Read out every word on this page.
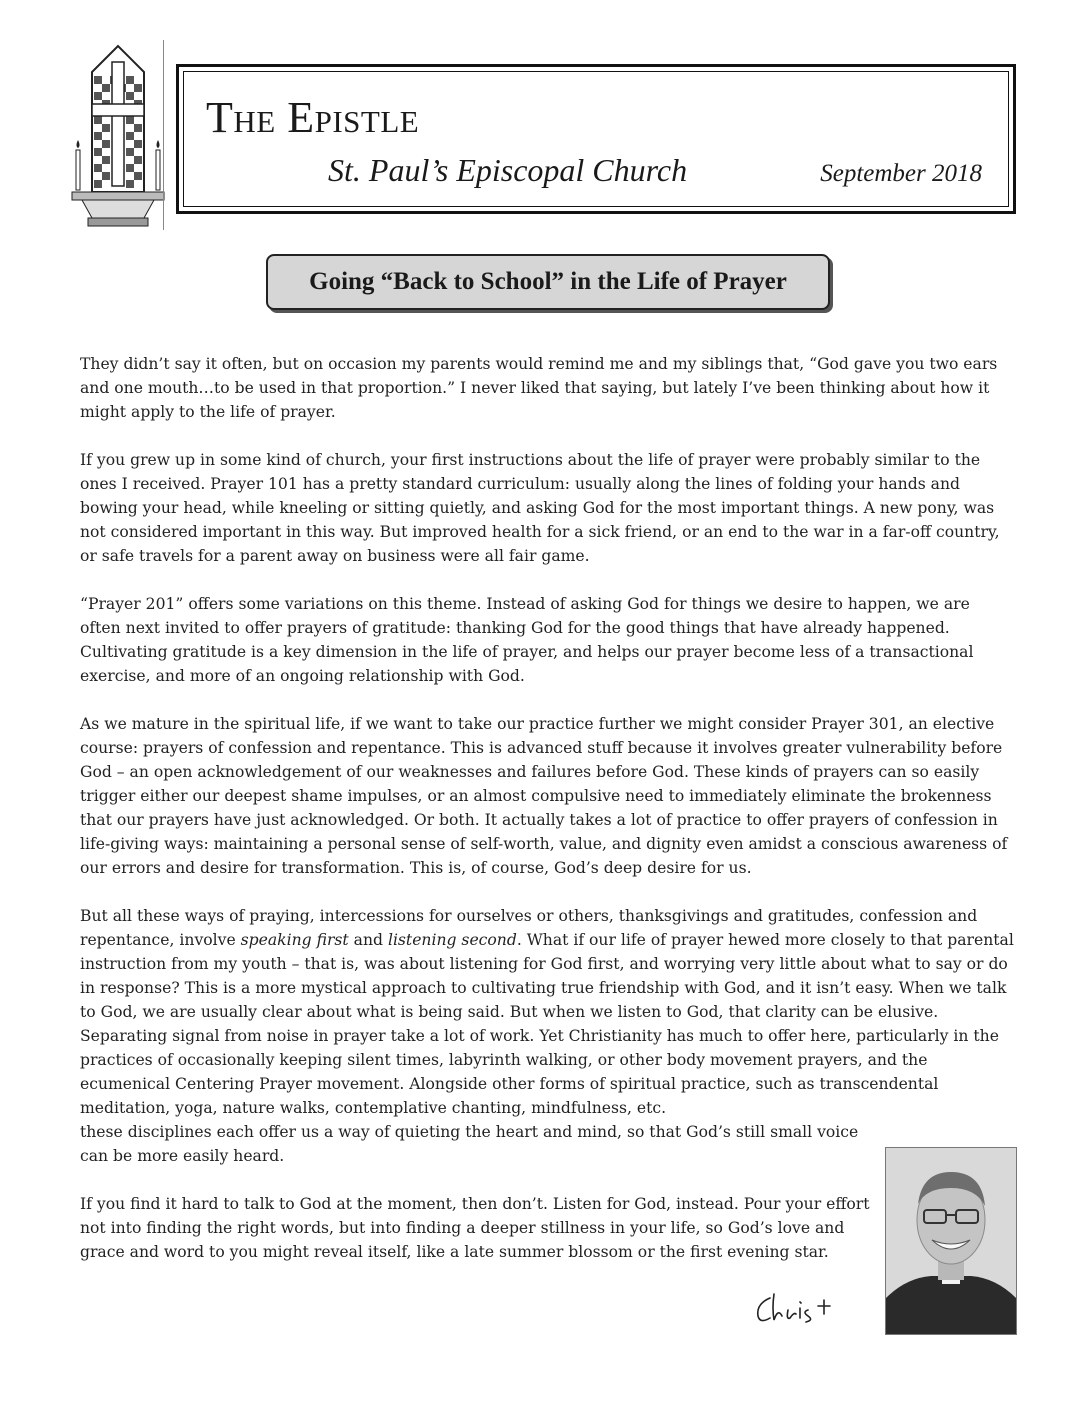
The Epistle
St. Paul’s Episcopal Church	September 2018
Going “Back to School” in the Life of Prayer

They didn’t say it often, but on occasion my parents would remind me and my siblings that, “God gave you two ears and one mouth…to be used in that proportion.” I never liked that saying, but lately I’ve been thinking about how it might apply to the life of prayer.

If you grew up in some kind of church, your first instructions about the life of prayer were probably similar to the ones I received. Prayer 101 has a pretty standard curriculum: usually along the lines of folding your hands and bowing your head, while kneeling or sitting quietly, and asking God for the most important things. A new pony, was not considered important in this way. But improved health for a sick friend, or an end to the war in a far-off country, or safe travels for a parent away on business were all fair game.

“Prayer 201” offers some variations on this theme. Instead of asking God for things we desire to happen, we are often next invited to offer prayers of gratitude: thanking God for the good things that have already happened. Cultivating gratitude is a key dimension in the life of prayer, and helps our prayer become less of a transactional exercise, and more of an ongoing relationship with God.

As we mature in the spiritual life, if we want to take our practice further we might consider Prayer 301, an elective course: prayers of confession and repentance. This is advanced stuff because it involves greater vulnerability before God – an open acknowledgement of our weaknesses and failures before God. These kinds of prayers can so easily trigger either our deepest shame impulses, or an almost compulsive need to immediately eliminate the brokenness that our prayers have just acknowledged. Or both. It actually takes a lot of practice to offer prayers of confession in life-giving ways: maintaining a personal sense of self-worth, value, and dignity even amidst a conscious awareness of our errors and desire for transformation. This is, of course, God’s deep desire for us.

But all these ways of praying, intercessions for ourselves or others, thanksgivings and gratitudes, confession and repentance, involve speaking first and listening second. What if our life of prayer hewed more closely to that parental instruction from my youth – that is, was about listening for God first, and worrying very little about what to say or do in response? This is a more mystical approach to cultivating true friendship with God, and it isn’t easy. When we talk to God, we are usually clear about what is being said. But when we listen to God, that clarity can be elusive. Separating signal from noise in prayer take a lot of work. Yet Christianity has much to offer here, particularly in the practices of occasionally keeping silent times, labyrinth walking, or other body movement prayers, and the ecumenical Centering Prayer movement. Alongside other forms of spiritual practice, such as transcendental meditation, yoga, nature walks, contemplative chanting, mindfulness, etc.
these disciplines each offer us a way of quieting the heart and mind, so that God’s still small voice can be more easily heard.

If you find it hard to talk to God at the moment, then don’t. Listen for God, instead. Pour your effort not into finding the right words, but into finding a deeper stillness in your life, so God’s love and grace and word to you might reveal itself, like a late summer blossom or the first evening star.
